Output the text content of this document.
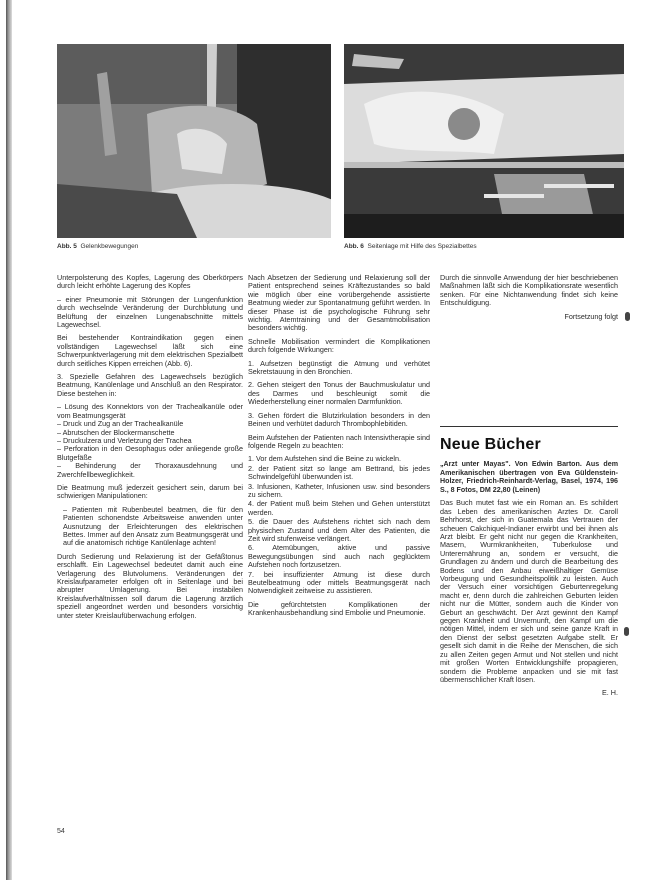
Abb. 5 Gelenkbewegungen	Abb. 6 Seitenlage mit Hilfe des Spezialbettes

Unterpolsterung des Kopfes, Lagerung des Oberkörpers durch leicht erhöhte Lagerung des Kopfes

– einer Pneumonie mit Störungen der Lungenfunktion durch wechselnde Veränderung der Durchblutung und Belüftung der einzelnen Lungenabschnitte mittels Lagewechsel.

Bei bestehender Kontraindikation gegen einen vollständigen Lagewechsel läßt sich eine Schwerpunktverlagerung mit dem elektrischen Spezialbett durch seitliches Kippen erreichen (Abb. 6).

3. Spezielle Gefahren des Lagewechsels bezüglich Beatmung, Kanülenlage und Anschluß an den Respirator. Diese bestehen in:

– Lösung des Konnektors von der Trachealkanüle oder vom Beatmungsgerät
– Druck und Zug an der Trachealkanüle
– Abrutschen der Blockermanschette
– Druckulzera und Verletzung der Trachea
– Perforation in den Oesophagus oder anliegende große Blutgefäße
– Behinderung der Thoraxausdehnung und Zwerchfellbeweglichkeit.

Die Beatmung muß jederzeit gesichert sein, darum bei schwierigen Manipulationen:

– Patienten mit Rubenbeutel beatmen, die für den Patienten schonendste Arbeitsweise anwenden unter Ausnutzung der Erleichterungen des elektrischen Bettes. Immer auf den Ansatz zum Beatmungsgerät und auf die anatomisch richtige Kanülenlage achten!

Durch Sedierung und Relaxierung ist der Gefäßtonus erschlafft. Ein Lagewechsel bedeutet damit auch eine Verlagerung des Blutvolumens. Veränderungen der Kreislaufparameter erfolgen oft in Seitenlage und bei abrupter Umlagerung. Bei instabilen Kreislaufverhältnissen soll darum die Lagerung ärztlich speziell angeordnet werden und besonders vorsichtig unter steter Kreislaufüberwachung erfolgen.

Nach Absetzen der Sedierung und Relaxierung soll der Patient entsprechend seines Kräftezustandes so bald wie möglich über eine vorübergehende assistierte Beatmung wieder zur Spontanatmung geführt werden. In dieser Phase ist die psychologische Führung sehr wichtig. Atemtraining und der Gesamtmobilisation besonders wichtig.

Schnelle Mobilisation vermindert die Komplikationen durch folgende Wirkungen:

1. Aufsetzen begünstigt die Atmung und verhütet Sekretstauung in den Bronchien.

2. Gehen steigert den Tonus der Bauchmuskulatur und des Darmes und beschleunigt somit die Wiederherstellung einer normalen Darmfunktion.

3. Gehen fördert die Blutzirkulation besonders in den Beinen und verhütet dadurch Thrombophlebitiden.

Beim Aufstehen der Patienten nach Intensivtherapie sind folgende Regeln zu beachten:

1. Vor dem Aufstehen sind die Beine zu wickeln.

2. der Patient sitzt so lange am Bettrand, bis jedes Schwindelgefühl überwunden ist.

3. Infusionen, Katheter, Infusionen usw. sind besonders zu sichern.

4. der Patient muß beim Stehen und Gehen unterstützt werden.

5. die Dauer des Aufstehens richtet sich nach dem physischen Zustand und dem Alter des Patienten, die Zeit wird stufenweise verlängert.

6. Atemübungen, aktive und passive Bewegungsübungen sind auch nach geglücktem Aufstehen noch fortzusetzen.

7. bei insuffizienter Atmung ist diese durch Beutelbeatmung oder mittels Beatmungsgerät nach Notwendigkeit zeitweise zu assistieren.

Die gefürchtetsten Komplikationen der Krankenhausbehandlung sind Embolie und Pneumonie.

Durch die sinnvolle Anwendung der hier beschriebenen Maßnahmen läßt sich die Komplikationsrate wesentlich senken. Für eine Nichtanwendung findet sich keine Entschuldigung.

Fortsetzung folgt

Neue Bücher

„Arzt unter Mayas". Von Edwin Barton. Aus dem Amerikanischen übertragen von Eva Güldenstein-Holzer, Friedrich-Reinhardt-Verlag, Basel, 1974, 196 S., 8 Fotos, DM 22,80 (Leinen)

Das Buch mutet fast wie ein Roman an. Es schildert das Leben des amerikanischen Arztes Dr. Caroll Behrhorst, der sich in Guatemala das Vertrauen der scheuen Cakchiquel-Indianer erwirbt und bei ihnen als Arzt bleibt. Er geht nicht nur gegen die Krankheiten, Masern, Wurmkrankheiten, Tuberkulose und Unterernährung an, sondern er versucht, die Grundlagen zu ändern und durch die Bearbeitung des Bodens und den Anbau eiweißhaltiger Gemüse Vorbeugung und Gesundheitspolitik zu leisten. Auch der Versuch einer vorsichtigen Geburtenregelung macht er, denn durch die zahlreichen Geburten leiden nicht nur die Mütter, sondern auch die Kinder von Geburt an geschwächt. Der Arzt gewinnt den Kampf gegen Krankheit und Unvernunft, den Kampf um die nötigen Mittel, indem er sich und seine ganze Kraft in den Dienst der selbst gesetzten Aufgabe stellt. Er gesellt sich damit in die Reihe der Menschen, die sich zu allen Zeiten gegen Armut und Not stellen und nicht mit großen Worten Entwicklungshilfe propagieren, sondern die Probleme anpacken und sie mit fast übermenschlicher Kraft lösen.

E. H.

54
